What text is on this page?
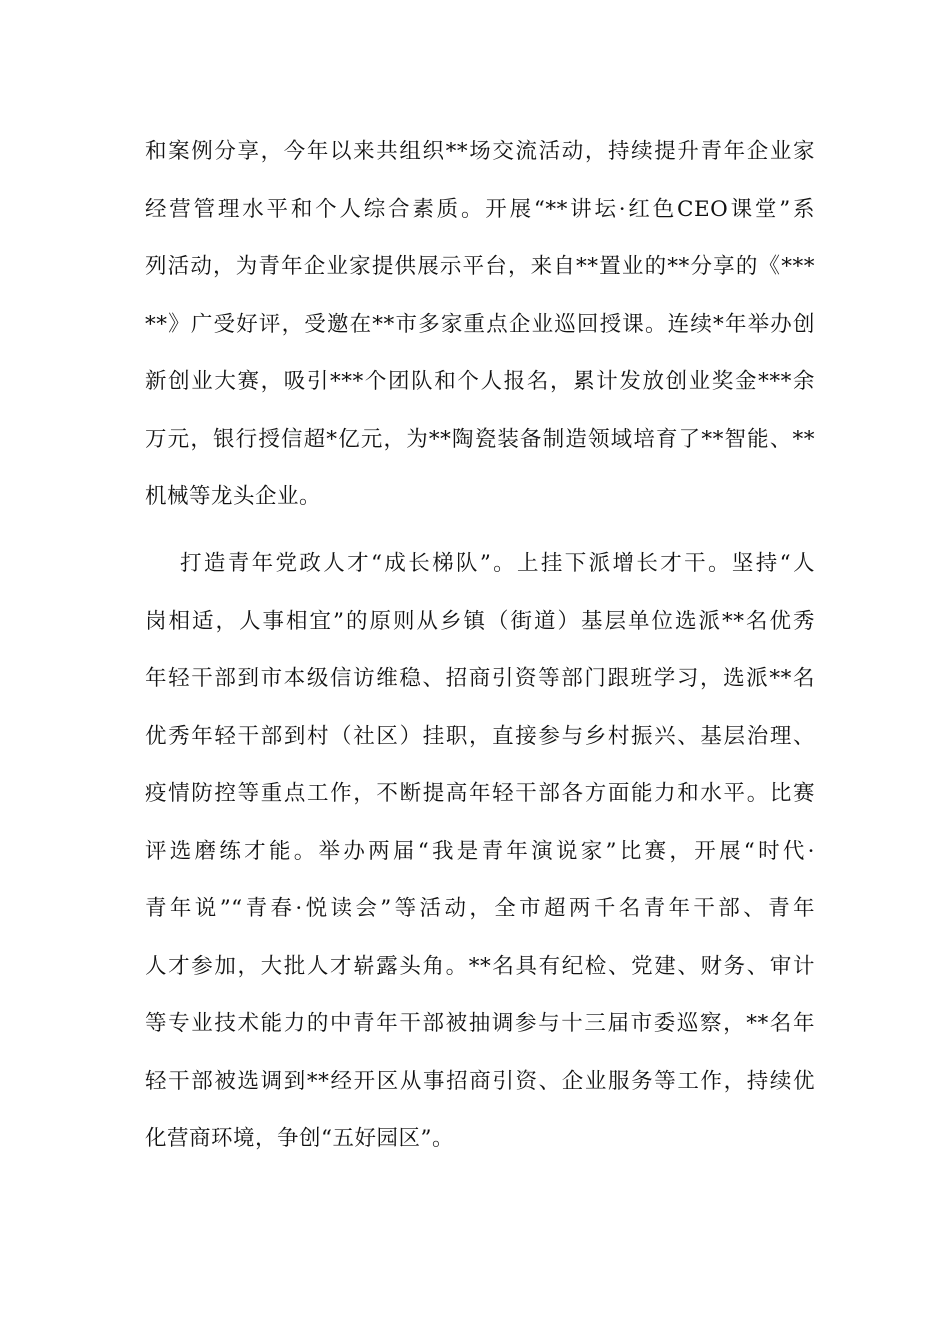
和案例分享，今年以来共组织**场交流活动，持续提升青年企业家
经营管理水平和个人综合素质。开展“**讲坛·红色CEO课堂”系
列活动，为青年企业家提供展示平台，来自**置业的**分享的《***
**》广受好评，受邀在**市多家重点企业巡回授课。连续*年举办创
新创业大赛，吸引***个团队和个人报名，累计发放创业奖金***余
万元，银行授信超*亿元，为**陶瓷装备制造领域培育了**智能、**
机械等龙头企业。
打造青年党政人才“成长梯队”。上挂下派增长才干。坚持“人
岗相适，人事相宜”的原则从乡镇（街道）基层单位选派**名优秀
年轻干部到市本级信访维稳、招商引资等部门跟班学习，选派**名
优秀年轻干部到村（社区）挂职，直接参与乡村振兴、基层治理、
疫情防控等重点工作，不断提高年轻干部各方面能力和水平。比赛
评选磨练才能。举办两届“我是青年演说家”比赛，开展“时代·
青年说”“青春·悦读会”等活动，全市超两千名青年干部、青年
人才参加，大批人才崭露头角。**名具有纪检、党建、财务、审计
等专业技术能力的中青年干部被抽调参与十三届市委巡察，**名年
轻干部被选调到**经开区从事招商引资、企业服务等工作，持续优
化营商环境，争创“五好园区”。
